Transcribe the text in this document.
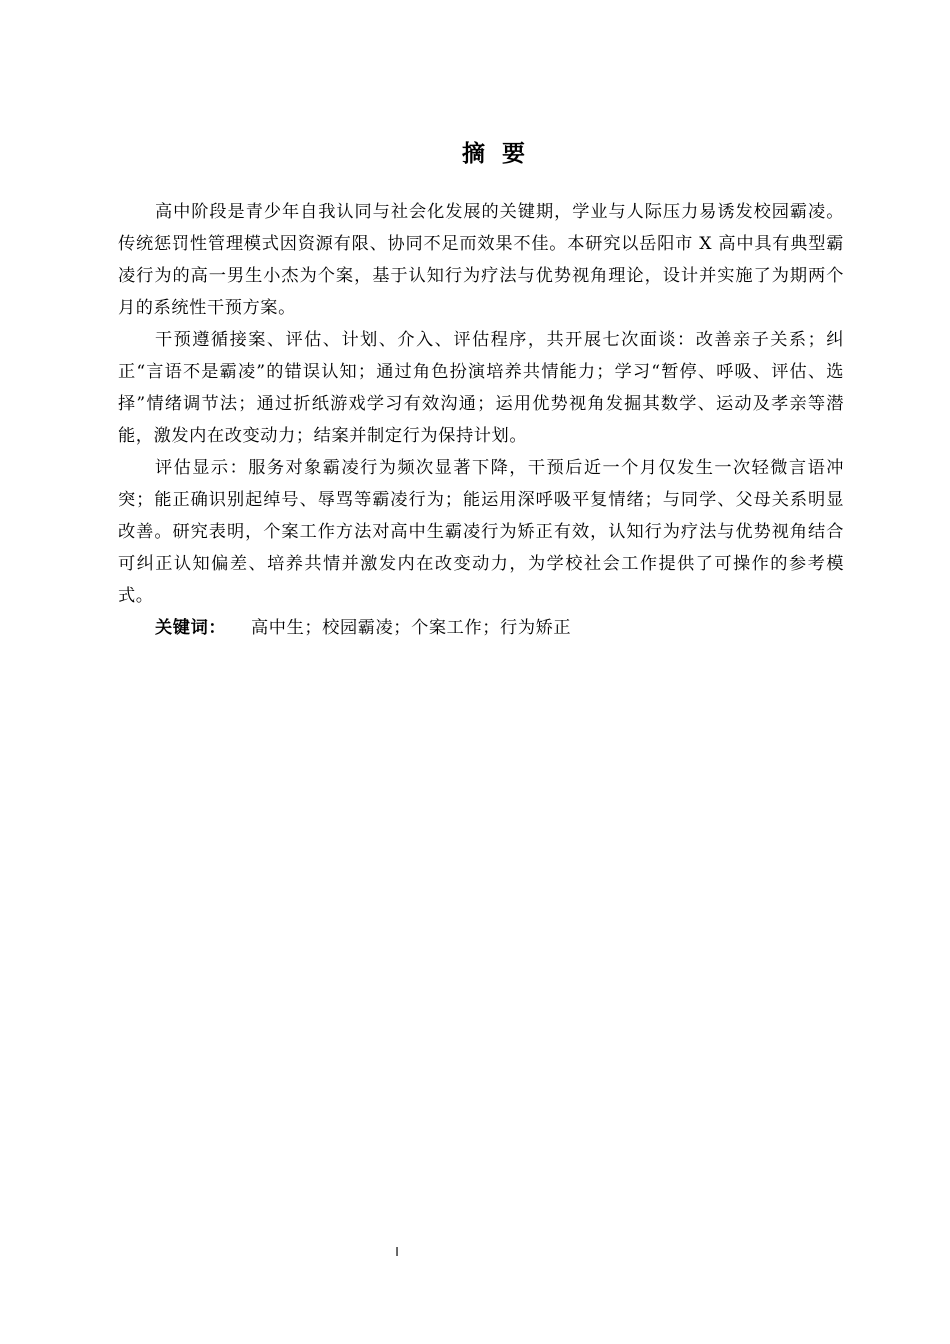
摘要

高中阶段是青少年自我认同与社会化发展的关键期，学业与人际压力易诱发校园霸凌。传统惩罚性管理模式因资源有限、协同不足而效果不佳。本研究以岳阳市 X 高中具有典型霸凌行为的高一男生小杰为个案，基于认知行为疗法与优势视角理论，设计并实施了为期两个月的系统性干预方案。

干预遵循接案、评估、计划、介入、评估程序，共开展七次面谈：改善亲子关系；纠正“言语不是霸凌”的错误认知；通过角色扮演培养共情能力；学习“暂停、呼吸、评估、选择”情绪调节法；通过折纸游戏学习有效沟通；运用优势视角发掘其数学、运动及孝亲等潜能，激发内在改变动力；结案并制定行为保持计划。

评估显示：服务对象霸凌行为频次显著下降，干预后近一个月仅发生一次轻微言语冲突；能正确识别起绰号、辱骂等霸凌行为；能运用深呼吸平复情绪；与同学、父母关系明显改善。研究表明，个案工作方法对高中生霸凌行为矫正有效，认知行为疗法与优势视角结合可纠正认知偏差、培养共情并激发内在改变动力，为学校社会工作提供了可操作的参考模式。

关键词： 高中生；校园霸凌；个案工作；行为矫正

I
